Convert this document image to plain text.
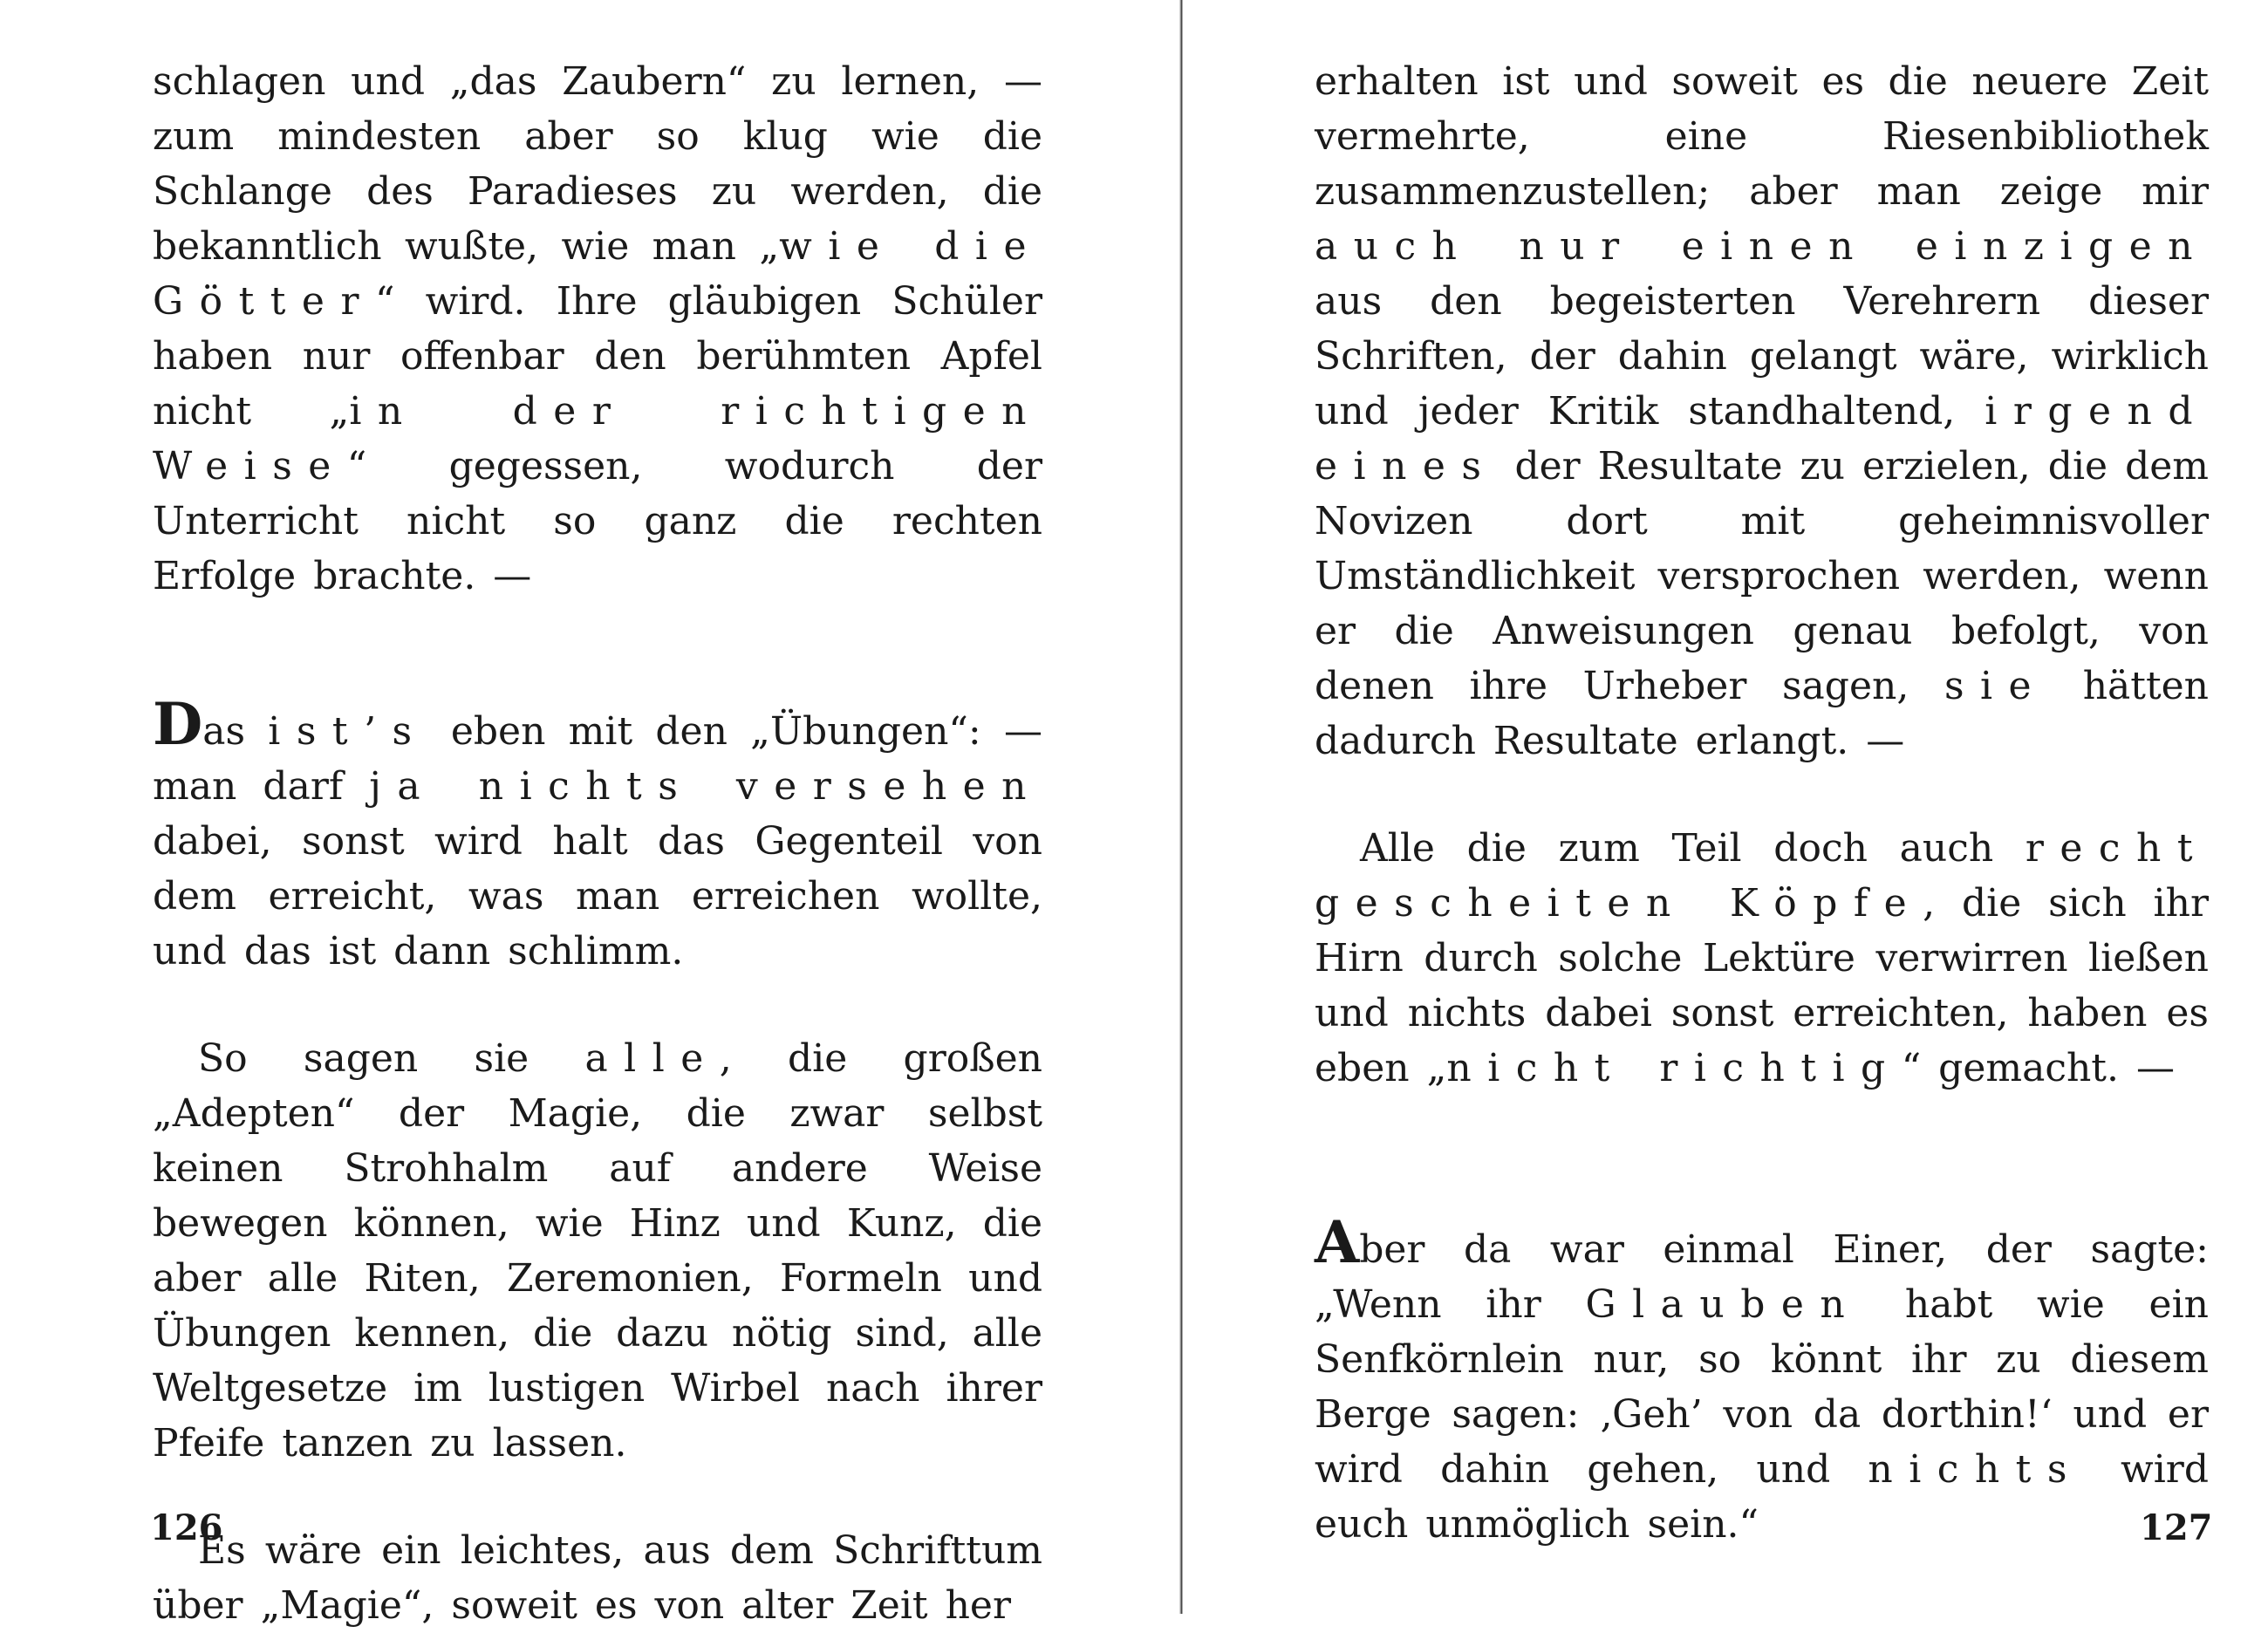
schlagen und „das Zaubern“ zu lernen, — zum mindesten aber so klug wie die Schlange des Paradieses zu werden, die bekanntlich wußte, wie man „wie die Götter“ wird. Ihre gläubigen Schüler haben nur offenbar den berühmten Apfel nicht „in der richtigen Weise“ gegessen, wodurch der Unterricht nicht so ganz die rechten Erfolge brachte. —

Das ist’s eben mit den „Übungen“: — man darf ja nichts versehen dabei, sonst wird halt das Gegenteil von dem erreicht, was man erreichen wollte, und das ist dann schlimm.

So sagen sie alle, die großen „Adepten“ der Magie, die zwar selbst keinen Strohhalm auf andere Weise bewegen können, wie Hinz und Kunz, die aber alle Riten, Zeremonien, Formeln und Übungen kennen, die dazu nötig sind, alle Weltgesetze im lustigen Wirbel nach ihrer Pfeife tanzen zu lassen.

Es wäre ein leichtes, aus dem Schrifttum über „Magie“, soweit es von alter Zeit her

126

erhalten ist und soweit es die neuere Zeit vermehrte, eine Riesenbibliothek zusammenzustellen; aber man zeige mir auch nur einen einzigen aus den begeisterten Verehrern dieser Schriften, der dahin gelangt wäre, wirklich und jeder Kritik standhaltend, irgend eines der Resultate zu erzielen, die dem Novizen dort mit geheimnisvoller Umständlichkeit versprochen werden, wenn er die Anweisungen genau befolgt, von denen ihre Urheber sagen, sie hätten dadurch Resultate erlangt. —

Alle die zum Teil doch auch recht gescheiten Köpfe, die sich ihr Hirn durch solche Lektüre verwirren ließen und nichts dabei sonst erreichten, haben es eben „nicht richtig“ gemacht. —

Aber da war einmal Einer, der sagte: „Wenn ihr Glauben habt wie ein Senfkörnlein nur, so könnt ihr zu diesem Berge sagen: ‚Geh’ von da dorthin!‘ und er wird dahin gehen, und nichts wird euch unmöglich sein.“	127
